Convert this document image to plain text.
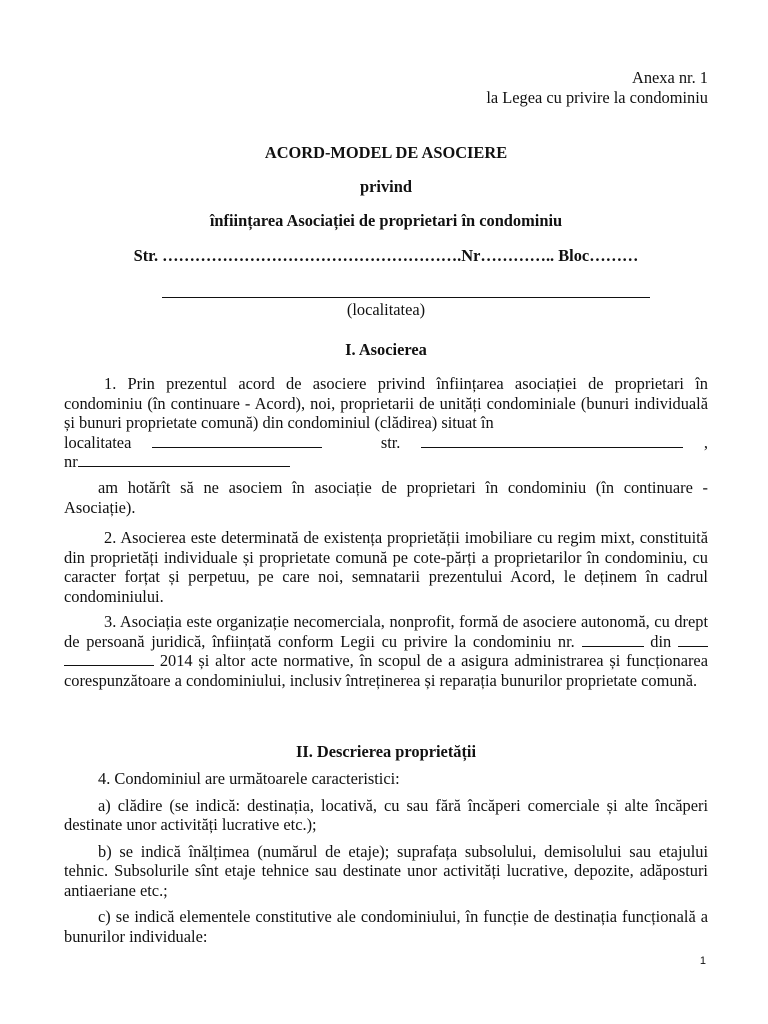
Anexa nr. 1
la Legea cu privire la condominiu
ACORD-MODEL DE ASOCIERE
privind
înființarea Asociației de proprietari în condominiu
Str. ……………………………………………….Nr………….. Bloc………
(localitatea)
I. Asocierea

1. Prin prezentul acord de asociere privind înființarea asociației de proprietari în condominiu (în continuare - Acord), noi, proprietarii de unități condominiale (bunuri individuală și bunuri proprietate comună) din condominiul (clădirea) situat în

localitatea	str.	,
nr

am hotărît să ne asociem în asociație de proprietari în condominiu (în continuare - Asociație).

2. Asocierea este determinată de existența proprietății imobiliare cu regim mixt, constituită din proprietăți individuale și proprietate comună pe cote-părți a proprietarilor în condominiu, cu caracter forțat și perpetuu, pe care noi, semnatarii prezentului Acord, le deținem în cadrul condominiului.

3. Asociația este organizație necomerciala, nonprofit, formă de asociere autonomă, cu drept de persoană juridică, înființată conform Legii cu privire la condominiu nr.	din   2014 și altor acte normative, în scopul de a asigura administrarea și funcționarea corespunzătoare a condominiului, inclusiv întreținerea și reparația bunurilor proprietate comună.

II. Descrierea proprietății

4. Condominiul are următoarele caracteristici:

a) clădire (se indică: destinația, locativă, cu sau fără încăperi comerciale și alte încăperi destinate unor activități lucrative etc.);

b) se indică înălțimea (numărul de etaje); suprafața subsolului, demisolului sau etajului tehnic. Subsolurile sînt etaje tehnice sau destinate unor activități lucrative, depozite, adăposturi antiaeriane etc.;

c) se indică elementele constitutive ale condominiului, în funcție de destinația funcțională a bunurilor individuale:

1
